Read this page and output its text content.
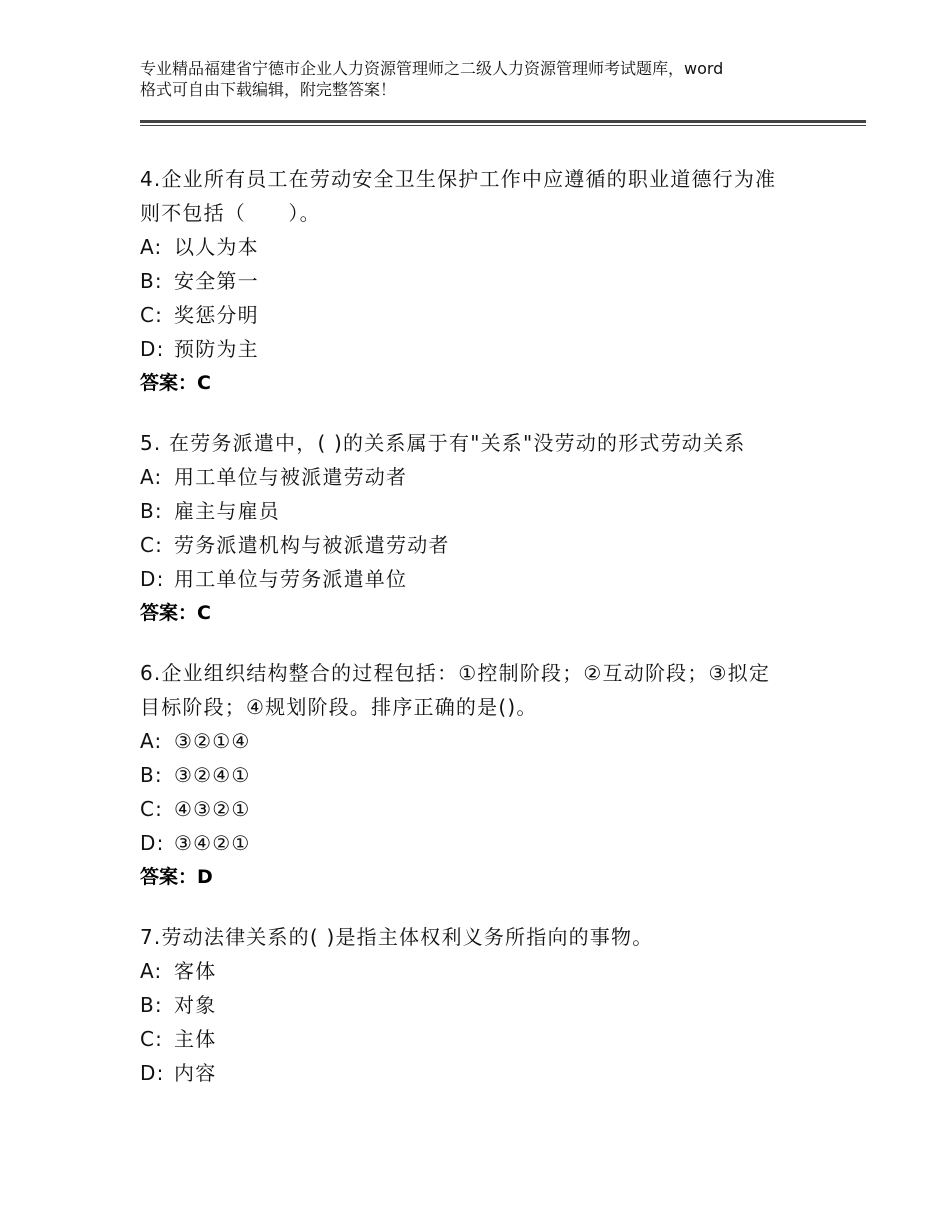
专业精品福建省宁德市企业人力资源管理师之二级人力资源管理师考试题库，word
格式可自由下载编辑，附完整答案！
4.企业所有员工在劳动安全卫生保护工作中应遵循的职业道德行为准
则不包括（　　）。
A: 以人为本
B: 安全第一
C: 奖惩分明
D: 预防为主
答案：C
5. 在劳务派遣中，( )的关系属于有"关系"没劳动的形式劳动关系
A: 用工单位与被派遣劳动者
B: 雇主与雇员
C: 劳务派遣机构与被派遣劳动者
D: 用工单位与劳务派遣单位
答案：C
6.企业组织结构整合的过程包括：①控制阶段；②互动阶段；③拟定
目标阶段；④规划阶段。排序正确的是()。
A: ③②①④
B: ③②④①
C: ④③②①
D: ③④②①
答案：D
7.劳动法律关系的( )是指主体权利义务所指向的事物。
A: 客体
B: 对象
C: 主体
D: 内容
